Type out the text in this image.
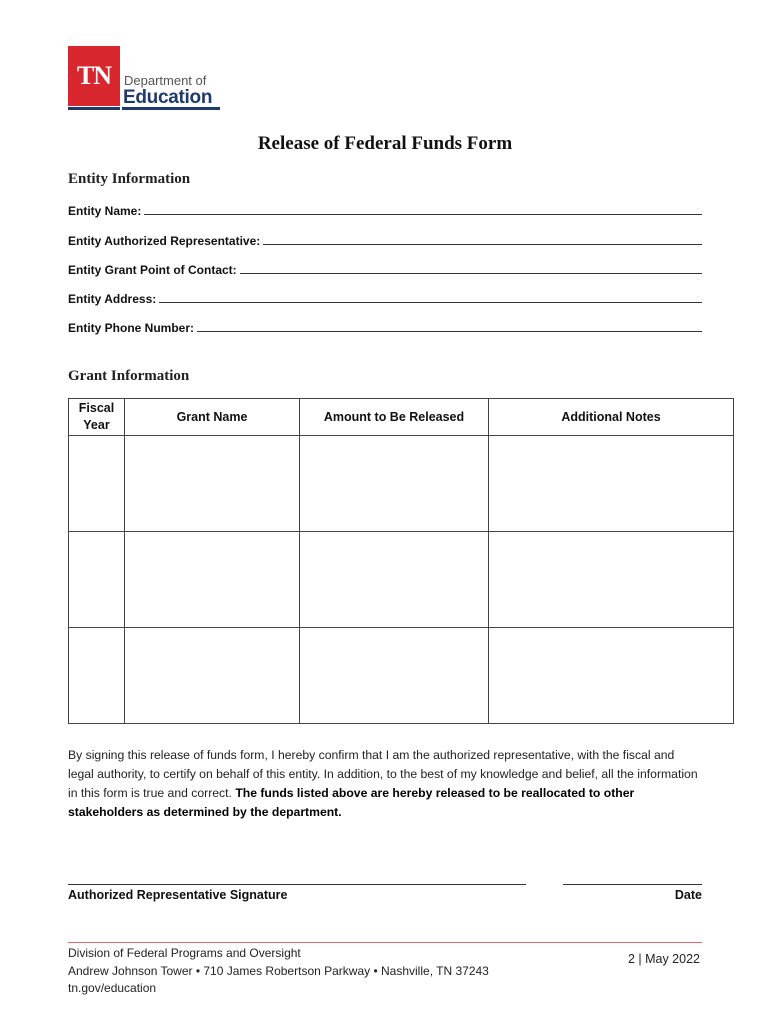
TN Department of
Education
Release of Federal Funds Form
Entity Information
Entity Name:
Entity Authorized Representative:
Entity Grant Point of Contact:
Entity Address:
Entity Phone Number:
Grant Information
Fiscal Year	Grant Name	Amount to Be Released	Additional Notes

By signing this release of funds form, I hereby confirm that I am the authorized representative, with the fiscal and legal authority, to certify on behalf of this entity. In addition, to the best of my knowledge and belief, all the information in this form is true and correct. The funds listed above are hereby released to be reallocated to other stakeholders as determined by the department.
Authorized Representative Signature	Date
Division of Federal Programs and Oversight
Andrew Johnson Tower • 710 James Robertson Parkway • Nashville, TN 37243
tn.gov/education
2 | May 2022
